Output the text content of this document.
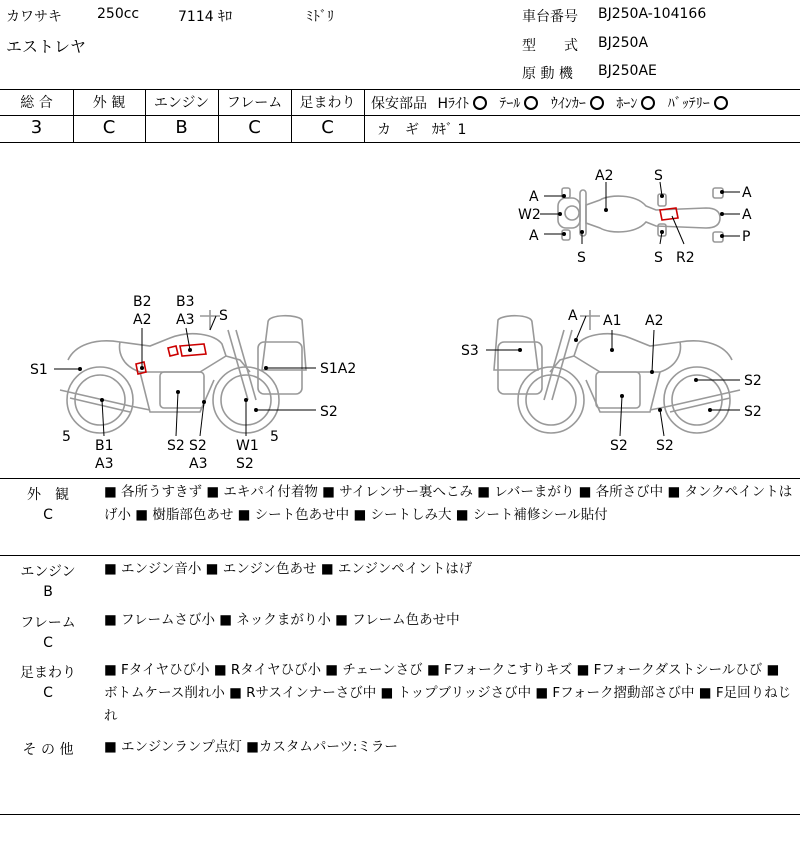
カワサキ	250cc	7114 ｷﾛ	ﾐﾄﾞﾘ
エストレヤ
車台番号 BJ250A-104166
型　　式 BJ250A
原 動 機 BJ250AE
総 合	外 観	エンジン	フレーム	足まわり
3	C	B	C	C
保安部品 Hﾗｲﾄ ○ ﾃｰﾙ ○ ｳｲﾝｶｰ ○ ﾎｰﾝ ○ ﾊﾞｯﾃﾘｰ
カ　ギ ｶｷﾞ 1
A2	S
A
W2
A
S	S R2
A
A
P
B2
A2
B3
A3 S
S1	S1A2
S2
5
B1
A3
S2 S2
A3
W1
S2
5
A A1 A2
S3
S2
S2
S2 S2
外　観
C
■ 各所うすきず ■ エキパイ付着物 ■ サイレンサー裏へこみ ■ レバーまがり ■ 各所さび中 ■ タンクペイントはげ小 ■ 樹脂部色あせ ■ シート色あせ中 ■ シートしみ大 ■ シート補修シール貼付
エンジン
B
■ エンジン音小 ■ エンジン色あせ ■ エンジンペイントはげ
フレーム
C
■ フレームさび小 ■ ネックまがり小 ■ フレーム色あせ中
足まわり
C
■ Fタイヤひび小 ■ Rタイヤひび小 ■ チェーンさび ■ Fフォークこすりキズ ■ Fフォークダストシールひび ■ ボトムケース削れ小 ■ Rサスインナーさび中 ■ トップブリッジさび中 ■ Fフォーク摺動部さび中 ■ F足回りねじれ
そ の 他	■ エンジンランプ点灯 ■カスタムパーツ:ミラー
